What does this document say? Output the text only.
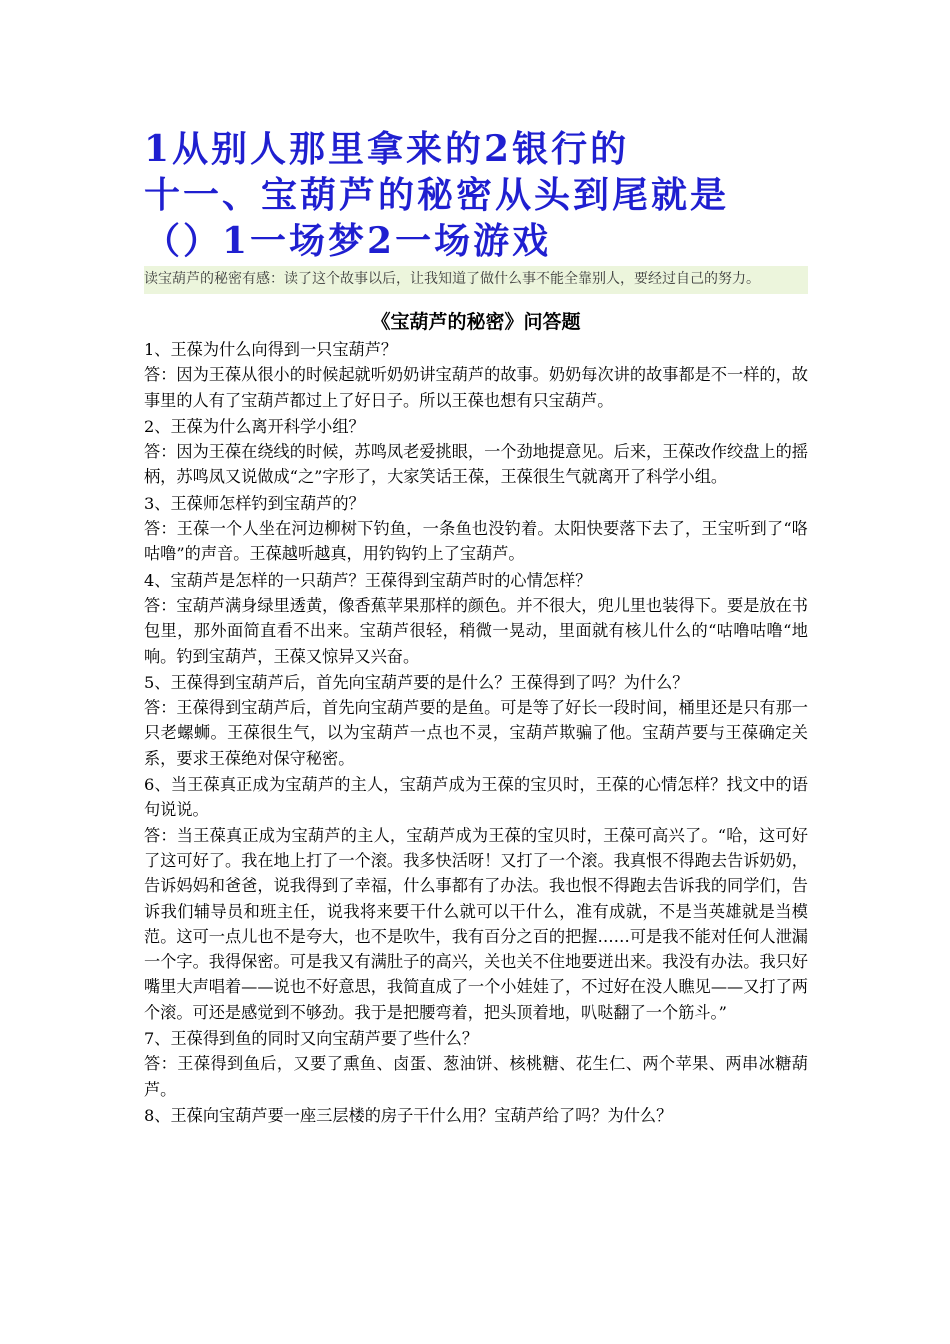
1从别人那里拿来的2银行的
十一、宝葫芦的秘密从头到尾就是
（）1一场梦2一场游戏
读宝葫芦的秘密有感：读了这个故事以后，让我知道了做什么事不能全靠别人，要经过自己的努力。
《宝葫芦的秘密》问答题

1、王葆为什么向得到一只宝葫芦？

答：因为王葆从很小的时候起就听奶奶讲宝葫芦的故事。奶奶每次讲的故事都是不一样的，故事里的人有了宝葫芦都过上了好日子。所以王葆也想有只宝葫芦。

2、王葆为什么离开科学小组？

答：因为王葆在绕线的时候，苏鸣凤老爱挑眼，一个劲地提意见。后来，王葆改作绞盘上的摇柄，苏鸣凤又说做成“之”字形了，大家笑话王葆，王葆很生气就离开了科学小组。

3、王葆师怎样钓到宝葫芦的？

答：王葆一个人坐在河边柳树下钓鱼，一条鱼也没钓着。太阳快要落下去了，王宝听到了“咯咕噜”的声音。王葆越听越真，用钓钩钓上了宝葫芦。

4、宝葫芦是怎样的一只葫芦？王葆得到宝葫芦时的心情怎样？

答：宝葫芦满身绿里透黄，像香蕉苹果那样的颜色。并不很大，兜儿里也装得下。要是放在书包里，那外面简直看不出来。宝葫芦很轻，稍微一晃动，里面就有核儿什么的“咕噜咕噜“地响。钓到宝葫芦，王葆又惊异又兴奋。

5、王葆得到宝葫芦后，首先向宝葫芦要的是什么？王葆得到了吗？为什么？

答：王葆得到宝葫芦后，首先向宝葫芦要的是鱼。可是等了好长一段时间，桶里还是只有那一只老螺蛳。王葆很生气，以为宝葫芦一点也不灵，宝葫芦欺骗了他。宝葫芦要与王葆确定关系，要求王葆绝对保守秘密。

6、当王葆真正成为宝葫芦的主人，宝葫芦成为王葆的宝贝时，王葆的心情怎样？找文中的语句说说。

答：当王葆真正成为宝葫芦的主人，宝葫芦成为王葆的宝贝时，王葆可高兴了。“哈，这可好了这可好了。我在地上打了一个滚。我多快活呀！又打了一个滚。我真恨不得跑去告诉奶奶，告诉妈妈和爸爸，说我得到了幸福，什么事都有了办法。我也恨不得跑去告诉我的同学们，告诉我们辅导员和班主任，说我将来要干什么就可以干什么，准有成就，不是当英雄就是当模范。这可一点儿也不是夸大，也不是吹牛，我有百分之百的把握……可是我不能对任何人泄漏一个字。我得保密。可是我又有满肚子的高兴，关也关不住地要迸出来。我没有办法。我只好嘴里大声唱着——说也不好意思，我简直成了一个小娃娃了，不过好在没人瞧见——又打了两个滚。可还是感觉到不够劲。我于是把腰弯着，把头顶着地，叭哒翻了一个筋斗。”

7、王葆得到鱼的同时又向宝葫芦要了些什么？

答：王葆得到鱼后，又要了熏鱼、卤蛋、葱油饼、核桃糖、花生仁、两个苹果、两串冰糖葫芦。

8、王葆向宝葫芦要一座三层楼的房子干什么用？宝葫芦给了吗？为什么？
